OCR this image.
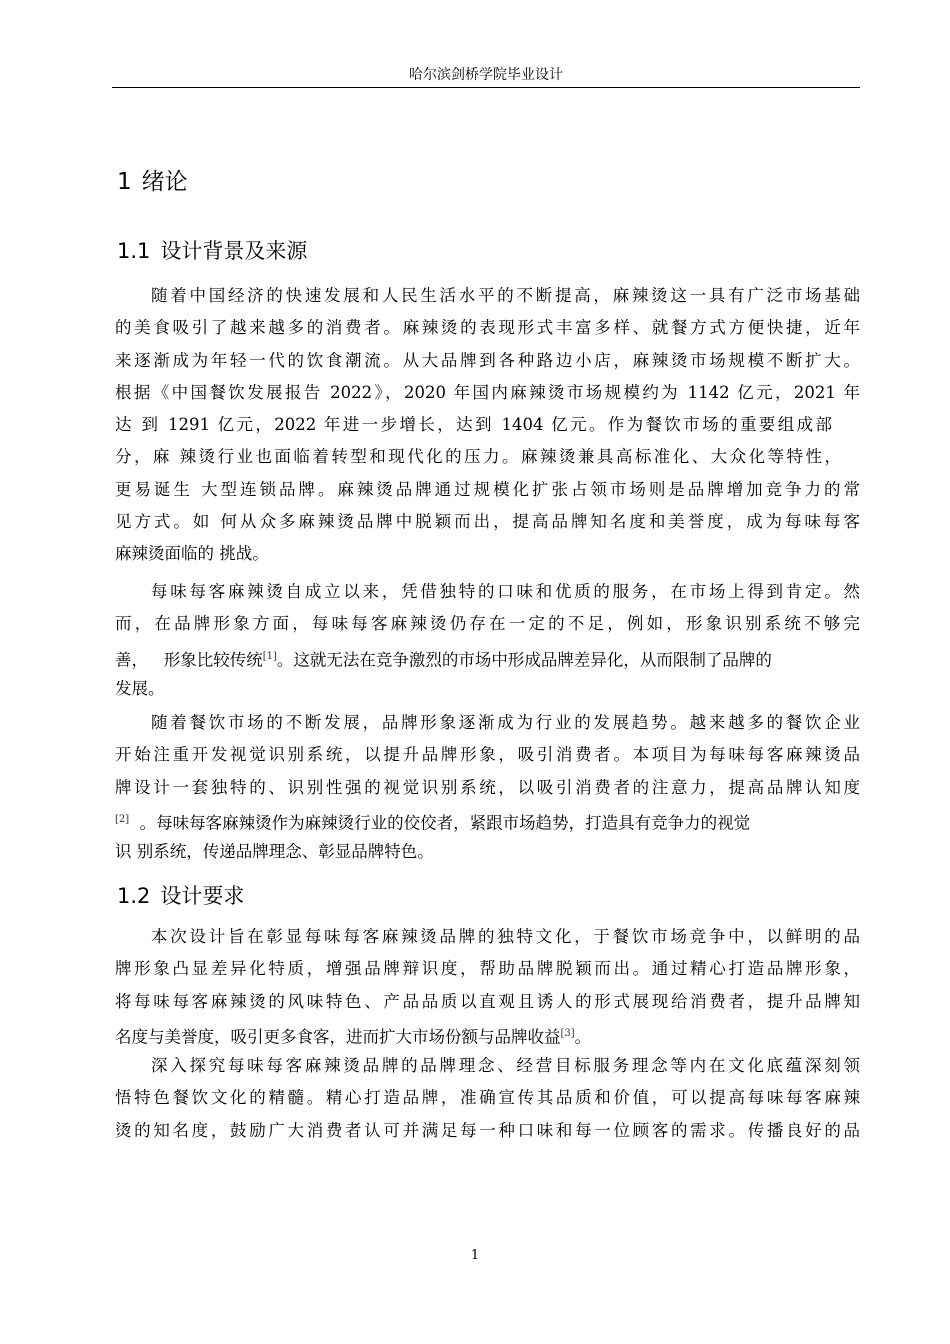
哈尔滨剑桥学院毕业设计
1 绪论
1.1 设计背景及来源
随着中国经济的快速发展和人民生活水平的不断提高，麻辣烫这一具有广泛市场基础
的美食吸引了越来越多的消费者。麻辣烫的表现形式丰富多样、就餐方式方便快捷，近年
来逐渐成为年轻一代的饮食潮流。从大品牌到各种路边小店，麻辣烫市场规模不断扩大。
根据《中国餐饮发展报告 2022》，2020 年国内麻辣烫市场规模约为 1142 亿元，2021 年
达 到 1291 亿元，2022 年进一步增长，达到 1404 亿元。作为餐饮市场的重要组成部
分，麻 辣烫行业也面临着转型和现代化的压力。麻辣烫兼具高标准化、大众化等特性，
更易诞生 大型连锁品牌。麻辣烫品牌通过规模化扩张占领市场则是品牌增加竞争力的常
见方式。如 何从众多麻辣烫品牌中脱颖而出，提高品牌知名度和美誉度，成为每味每客
麻辣烫面临的 挑战。
每味每客麻辣烫自成立以来，凭借独特的口味和优质的服务，在市场上得到肯定。然
而，在品牌形象方面，每味每客麻辣烫仍存在一定的不足，例如，形象识别系统不够完
善， 形象比较传统[1]。这就无法在竞争激烈的市场中形成品牌差异化，从而限制了品牌的
发展。
随着餐饮市场的不断发展，品牌形象逐渐成为行业的发展趋势。越来越多的餐饮企业
开始注重开发视觉识别系统，以提升品牌形象，吸引消费者。本项目为每味每客麻辣烫品
牌设计一套独特的、识别性强的视觉识别系统，以吸引消费者的注意力，提高品牌认知度
[2] 。每味每客麻辣烫作为麻辣烫行业的佼佼者，紧跟市场趋势，打造具有竞争力的视觉
识 别系统，传递品牌理念、彰显品牌特色。
1.2 设计要求
本次设计旨在彰显每味每客麻辣烫品牌的独特文化，于餐饮市场竞争中，以鲜明的品
牌形象凸显差异化特质，增强品牌辩识度，帮助品牌脱颖而出。通过精心打造品牌形象，
将每味每客麻辣烫的风味特色、产品品质以直观且诱人的形式展现给消费者，提升品牌知
名度与美誉度，吸引更多食客，进而扩大市场份额与品牌收益[3]。
深入探究每味每客麻辣烫品牌的品牌理念、经营目标服务理念等内在文化底蕴深刻领
悟特色餐饮文化的精髓。精心打造品牌，准确宣传其品质和价值，可以提高每味每客麻辣
烫的知名度，鼓励广大消费者认可并满足每一种口味和每一位顾客的需求。传播良好的品
1
